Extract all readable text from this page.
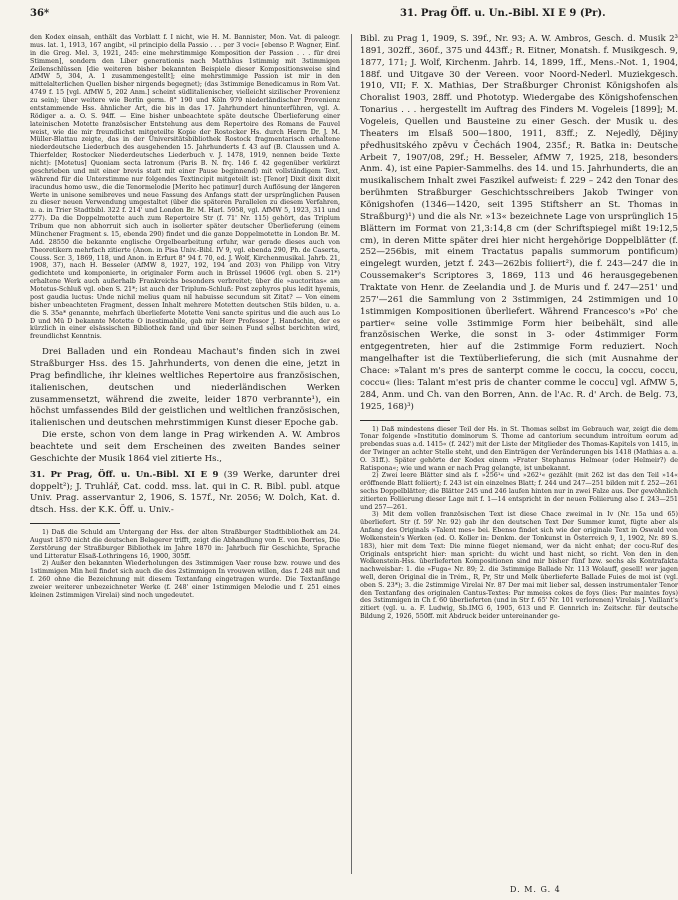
36*	31. Prag Öff. u. Un.-Bibl. XI E 9 (Pr).

den Kodex einsah, enthält das Vorblatt f. I nicht, wie H. M. Bannister, Mon. Vat. di paleogr. mus. lat. 1, 1913, 167 angibt, »il principio della Passio . . . per 3 voci« [ebenso P. Wagner, Einf. in die Greg. Mel. 3, 1921, 245: eine mehrstimmige Komposition der Passion . . . für drei Stimmen], sondern den Liber generationis nach Matthäus 1stimmig mit 3stimmigen Zeilenschlüssen [die weiteren bisher bekannten Beispiele dieser Kompositionsweise sind AfMW 5, 304, A. 1 zusammengestellt]; eine mehrstimmige Passion ist mir in den mittelalterlichen Quellen bisher nirgends begegnet); (das 3stimmige Benedicamus in Rom Vat. 4749 f. 15 [vgl. AfMW 5, 202 Anm.] scheint südlitalienischer, vielleicht sizilischer Provenienz zu sein); über weitere wie Berlin germ. 8° 190 und Köln 979 niederländischer Provenienz entstammende Hss. ähnlicher Art, die bis in das 17. Jahrhundert hinunterführen, vgl. A. Rödiger a. a. O. S. 94ff. — Eine bisher unbeachtete späte deutsche Überlieferung einer lateinischen Motette französischer Entstehung aus dem Repertoire des Romans de Fauvel weist, wie die mir freundlichst mitgeteilte Kopie der Rostocker Hs. durch Herrn Dr. J. M. Müller-Blattau zeigte, das in der Universitätsbibliothek Rostock fragmentarisch erhaltene niederdeutsche Liederbuch des ausgehenden 15. Jahrhunderts f. 43 auf (B. Claussen und A. Thierfelder, Rostocker Niederdeutsches Liederbuch v. J. 1478, 1919, nennen beide Texte nicht): [Motetus] Quoniam secta latronum (Paris B. N. frç. 146 f. 42 gegenüber verkürzt geschrieben und mit einer brevis statt mit einer Pause beginnend) mit vollständigem Text, während für die Unterstimme nur folgendes Textincipit mitgeteilt ist: [Tenor] Dixit dixit dixit iracundus homo usw., die die Tenormelodie [Merito hec patimur] durch Auflösung der längeren Werte in unisone semibreves und neue Fassung des Anfangs statt der ursprünglichen Pausen zu dieser neuen Verwendung umgestaltet (über die späteren Parallelen zu diesem Verfahren, u. a. in Trier Stadtbibl. 322 f. 214' und London Br. M. Harl. 5958, vgl. AfMW 5, 1923, 311 und 277). Da die Doppelmotette auch zum Repertoire Str (f. 71' Nr. 115) gehört, das Triplum Tribum que non abhorruit sich auch in isolierter später deutscher Überlieferung (einem Münchener Fragment s. 15, ebenda 290) findet und die ganze Doppelmotette in London Br. M. Add. 28550 die bekannte englische Orgelbearbeitung erfuhr, war gerade dieses auch von Theoretikern mehrfach zitierte (Anon. in Pisa Univ.-Bibl. IV 9, vgl. ebenda 290, Ph. de Caserta, Couss. Scr. 3, 1869, 118, und Anon. in Erfurt 8° 94 f. 70, ed. J. Wolf, Kirchenmusikal. Jahrb. 21, 1908, 37), nach H. Besseler (AfMW 8, 1927, 192, 194 and 203) von Philipp von Vitry gedichtete und komponierte, in originaler Form auch in Brüssel 19606 (vgl. oben S. 21*) erhaltene Werk auch außerhalb Frankreichs besonders verbreitet; über die »auctoritas« am Motetus-Schluß vgl. oben S. 21*; ist auch der Triplum-Schluß: Post zephyros plus ledit hyemis, post gaudia luctus: Unde nichil melius quam nil habuisse secundum sit Zitat? — Von einem bisher unbeachteten Fragment, dessen Inhalt mehrere Motetten deutschen Stils bilden, u. a. die S. 35a* genannte, mehrfach überlieferte Motette Veni sancte spiritus und die auch aus Lo D und Mü D bekannte Motette O inestimabile, gab mir Herr Professor J. Handschin, der es kürzlich in einer elsässischen Bibliothek fand und über seinen Fund selbst berichten wird, freundlichst Kenntnis.

Drei Balladen und ein Rondeau Machaut's finden sich in zwei Straßburger Hss. des 15. Jahrhunderts, von denen die eine, jetzt in Prag befindliche, ihr kleines weltliches Repertoire aus französischen, italienischen, deutschen und niederländischen Werken zusammensetzt, während die zweite, leider 1870 verbrannte¹), ein höchst umfassendes Bild der geistlichen und weltlichen französischen, italienischen und deutschen mehrstimmigen Kunst dieser Epoche gab.

Die erste, schon von dem lange in Prag wirkenden A. W. Ambros beachtete und seit dem Erscheinen des zweiten Bandes seiner Geschichte der Musik 1864 viel zitierte Hs.,

31. Pr Prag, Öff. u. Un.-Bibl. XI E 9 (39 Werke, darunter drei doppelt²); J. Truhlář, Cat. codd. mss. lat. qui in C. R. Bibl. publ. atque Univ. Prag. asservantur 2, 1906, S. 157f., Nr. 2056; W. Dolch, Kat. d. dtsch. Hss. der K.K. Öff. u. Univ.-

1) Daß die Schuld am Untergang der Hss. der alten Straßburger Stadtbibliothek am 24. August 1870 nicht die deutschen Belagerer trifft, zeigt die Abhandlung von E. von Borries, Die Zerstörung der Straßburger Bibliothek im Jahre 1870 in: Jahrbuch für Geschichte, Sprache und Litteratur Elsaß-Lothringens 16, 1900, 305ff.

2) Außer den bekannten Wiederholungen des 3stimmigen Vaer rouse bzw. rouwe und des 1stimmigen Min heil findet sich auch die des 2stimmigen In vrouwen willen, das f. 248 mit und f. 260 ohne die Bezeichnung mit diesem Textanfang eingetragen wurde. Die Textanfänge zweier weiterer unbezeichneter Werke (f. 248' einer 1stimmigen Melodie und f. 251 eines kleinen 2stimmigen Virelai) sind noch ungedeutet.

Bibl. zu Prag 1, 1909, S. 39f., Nr. 93; A. W. Ambros, Gesch. d. Musik 2³ 1891, 302ff., 360f., 375 und 443ff.; R. Eitner, Monatsh. f. Musikgesch. 9, 1877, 171; J. Wolf, Kirchenm. Jahrb. 14, 1899, 1ff., Mens.-Not. 1, 1904, 188f. und Uitgave 30 der Vereen. voor Noord-Nederl. Muziekgesch. 1910, VII; F. X. Mathias, Der Straßburger Chronist Königshofen als Choralist 1903, 28ff. und Phototyp. Wiedergabe des Königshofenschen Tonarius . . . hergestellt im Auftrag des Finders M. Vogeleis [1899]; M. Vogeleis, Quellen und Bausteine zu einer Gesch. der Musik u. des Theaters im Elsaß 500—1800, 1911, 83ff.; Z. Nejedlý, Dějiny předhusitského zpěvu v Čechách 1904, 235f.; R. Batka in: Deutsche Arbeit 7, 1907/08, 29f.; H. Besseler, AfMW 7, 1925, 218, besonders Anm. 4), ist eine Papier-Sammelhs. des 14. und 15. Jahrhunderts, die an musikalischem Inhalt zwei Faszikel aufweist: f. 229 – 242 den Tonar des berühmten Straßburger Geschichtsschreibers Jakob Twinger von Königshofen (1346—1420, seit 1395 Stiftsherr an St. Thomas in Straßburg)¹) und die als Nr. »13« bezeichnete Lage von ursprünglich 15 Blättern im Format von 21,3:14,8 cm (der Schriftspiegel mißt 19:12,5 cm), in deren Mitte später drei hier nicht hergehörige Doppelblätter (f. 252—256bis, mit einem Tractatus papalis summorum pontificum) eingelegt wurden, jetzt f. 243—262bis foliiert²), die f. 243—247 die in Coussemaker's Scriptores 3, 1869, 113 und 46 herausgegebenen Traktate von Henr. de Zeelandia und J. de Muris und f. 247—251' und 257'—261 die Sammlung von 2 3stimmigen, 24 2stimmigen und 10 1stimmigen Kompositionen überliefert. Während Francesco's »Po' che partier« seine volle 3stimmige Form hier beibehält, sind alle französischen Werke, die sonst in 3- oder 4stimmiger Form entgegentreten, hier auf die 2stimmige Form reduziert. Noch mangelhafter ist die Textüberlieferung, die sich (mit Ausnahme der Chace: »Talant m's pres de santerpt comme le coccu, la coccu, coccu, coccu« (lies: Talant m'est pris de chanter comme le coccu] vgl. AfMW 5, 284, Anm. und Ch. van den Borren, Ann. de l'Ac. R. d' Arch. de Belg. 73, 1925, 168)³)

1) Daß mindestens dieser Teil der Hs. in St. Thomas selbst im Gebrauch war, zeigt die dem Tonar folgende »Institutio dominorum S. Thome ad cantorium secundum introitum eorum ad prebendas suas a.d. 1415« (f. 242') mit der Liste der Mitglieder des Thomas-Kapitels von 1415, in der Twinger an achter Stelle steht, und den Einträgen der Veränderungen bis 1418 (Mathias a. a. O. 31ff.). Später gehörte der Kodex einem »Frater Stephanus Helmear (oder Helmeir?) de Ratispona«; wie und wann er nach Prag gelangte, ist unbekannt.

2) Zwei leere Blätter sind als f. »256¹« und »262¹« gezählt (mit 262 ist das den Teil »14« eröffnende Blatt foliiert); f. 243 ist ein einzelnes Blatt; f. 244 und 247—251 bilden mit f. 252—261 sechs Doppelblätter; die Blätter 245 und 246 laufen hinten nur in zwei Falze aus. Der gewöhnlich zitierten Foliierung dieser Lage mit f. 1—14 entspricht in der neuen Foliierung also f. 243—251 und 257—261.

3) Mit dem vollen französischen Text ist diese Chace zweimal in Iv (Nr. 15a und 65) überliefert. Str (f. 59' Nr. 92) gab ihr den deutschen Text Der Summer kumt, fügte aber als Anfang des Originals »Talent mes« bei. Ebenso findet sich wie der originale Text in Oswald von Wolkenstein's Werken (ed. O. Koller in: Denkm. der Tonkunst in Österreich 9, 1, 1902, Nr. 89 S. 183), hier mit dem Text: Die minne füeget niemand, wer da nicht enhat; der cocu-Ruf des Originals entspricht hier: man spricht: du wicht und hast nicht, so richt. Von den in den Wolkenstein-Hss. überlieferten Kompositionen sind mir bisher fünf bzw. sechs als Kontrafakta nachweisbar: 1. die »Fuga« Nr. 89; 2. die 3stimmige Ballade Nr. 113 Wolauff, gesell! wer jagen well, deren Original die in Trém., R, Pr, Str und Melk überlieferte Ballade Fuies de moi ist (vgl. oben S. 23*); 3. die 2stimmige Virelai Nr. 87 Der mai mit lieber sal, dessen instrumentaler Tenor den Textanfang des originalen Cantus-Textes: Par mmeiss cokes de foys (lies: Par maintes foys) des 3stimmigen in Ch f. 60 überlieferten (und in Str f. 65' Nr. 101 verlorenen) Virelais J. Vaillant's zitiert (vgl. u. a. F. Ludwig, Sb.IMG 6, 1905, 613 und F. Gennrich in: Zeitschr. für deutsche Bildung 2, 1926, 550ff. mit Abdruck beider untereinander ge-

D. M. G. 4
